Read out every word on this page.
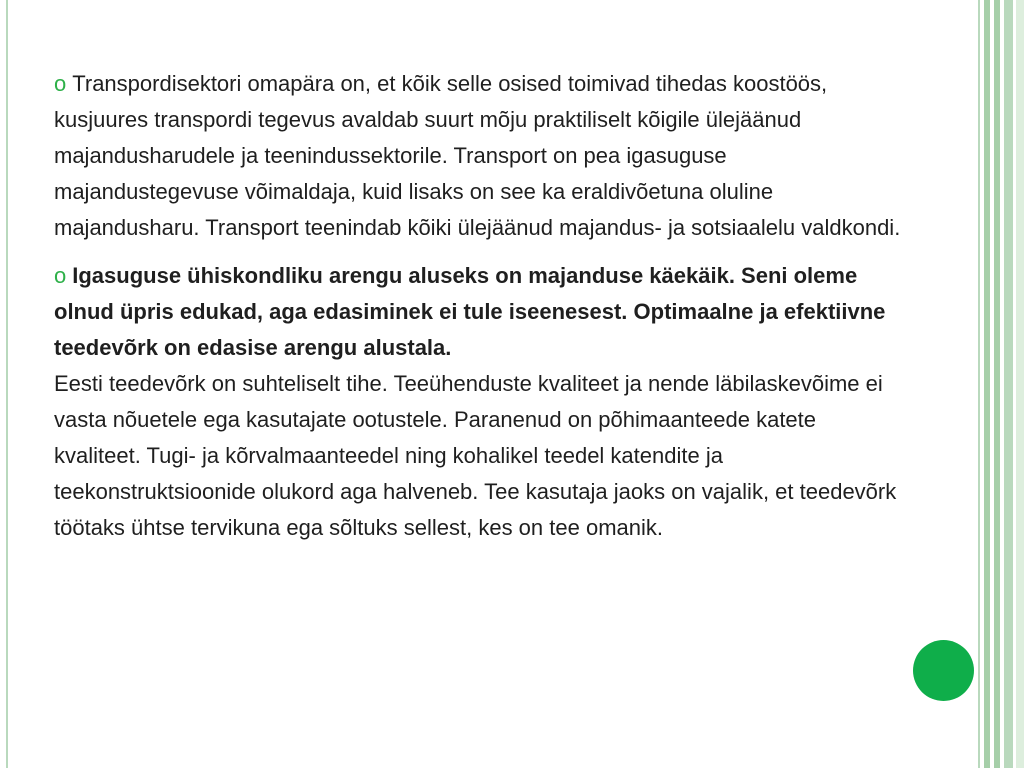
o Transpordisektori omapära on, et kõik selle osised toimivad tihedas koostöös, kusjuures transpordi tegevus avaldab suurt mõju praktiliselt kõigile ülejäänud majandusharudele ja teenindussektorile. Transport on pea igasuguse majandustegevuse võimaldaja, kuid lisaks on see ka eraldivõetuna oluline majandusharu. Transport teenindab kõiki ülejäänud majandus- ja sotsiaalelu valdkondi.

o Igasuguse ühiskondliku arengu aluseks on majanduse käekäik. Seni oleme olnud üpris edukad, aga edasiminek ei tule iseenesest. Optimaalne ja efektiivne teedevõrk on edasise arengu alustala.
Eesti teedevõrk on suhteliselt tihe. Teeühenduste kvaliteet ja nende läbilaskevõime ei vasta nõuetele ega kasutajate ootustele. Paranenud on põhimaanteede katete kvaliteet. Tugi- ja kõrvalmaanteedel ning kohalikel teedel katendite ja teekonstruktsioonide olukord aga halveneb. Tee kasutaja jaoks on vajalik, et teedevõrk töötaks ühtse tervikuna ega sõltuks sellest, kes on tee omanik.
